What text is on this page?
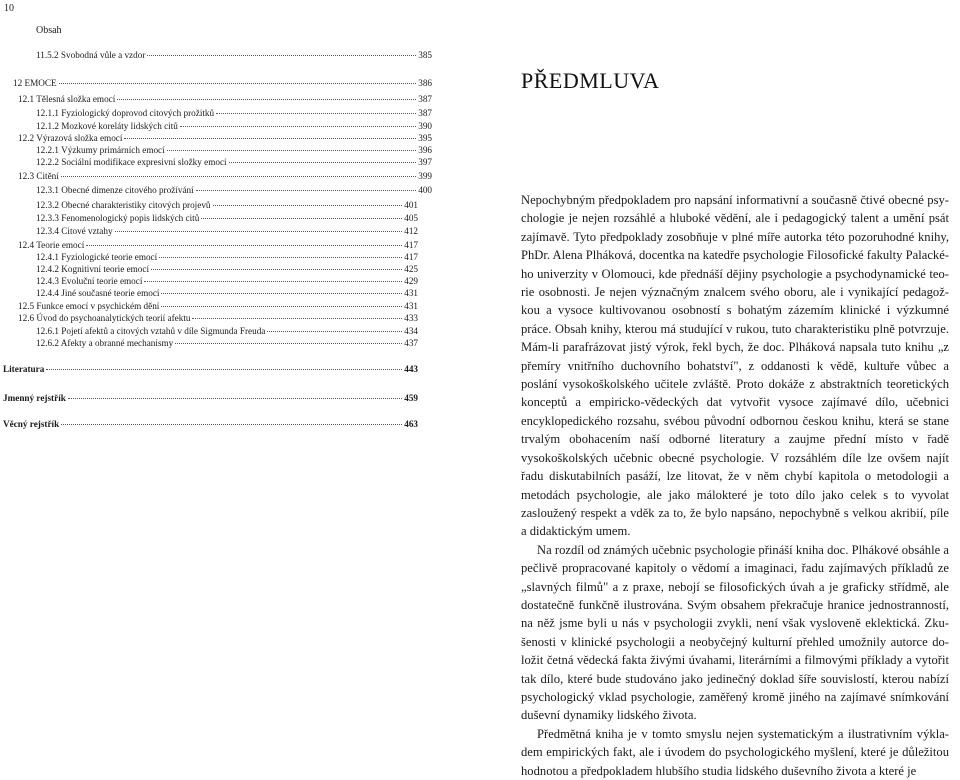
10
Obsah
11.5.2 Svobodná vůle a vzdor	385
12 EMOCE	386
12.1 Tělesná složka emocí	387
12.1.1 Fyziologický doprovod citových prožitků	387
12.1.2 Mozkové koreláty lidských citů	390
12.2 Výrazová složka emocí	395
12.2.1 Výzkumy primárních emocí	396
12.2.2 Sociální modifikace expresivní složky emocí	397
12.3 Citění	399
12.3.1 Obecné dimenze citového prožívání	400
12.3.2 Obecné charakteristiky citových projevů	401
12.3.3 Fenomenologický popis lidských citů	405
12.3.4 Citové vztahy	412
12.4 Teorie emocí	417
12.4.1 Fyziologické teorie emocí	417
12.4.2 Kognitivní teorie emocí	425
12.4.3 Evoluční teorie emocí	429
12.4.4 Jiné současné teorie emocí	431
12.5 Funkce emocí v psychickém dění	431
12.6 Úvod do psychoanalytických teorií afektu	433
12.6.1 Pojetí afektů a citových vztahů v díle Sigmunda Freuda	434
12.6.2 Afekty a obranné mechanismy	437
Literatura	443
Jmenný rejstřík	459
Věcný rejstřík	463
PŘEDMLUVA

Nepochybným předpokladem pro napsání informativní a současně čtivé obecné psychologie je nejen rozsáhlé a hluboké vědění, ale i pedagogický talent a umění psát zajímavě. Tyto předpoklady zosobňuje v plné míře autorka této pozoruhodné knihy, PhDr. Alena Plháková, docentka na katedře psychologie Filosofické fakulty Palackého univerzity v Olomouci, kde přednáší dějiny psychologie a psychodynamické teorie osobnosti. Je nejen význačným znalcem svého oboru, ale i vynikající pedagož-kou a vysoce kultivovanou osobností s bohatým zázemím klinické i výzkumné práce. Obsah knihy, kterou má studující v rukou, tuto charakteristiku plně potvrzuje. Mám-li parafrázovat jistý výrok, řekl bych, že doc. Plháková napsala tuto knihu „z přemíry vnitřního duchovního bohatství", z oddanosti k vědě, kultuře vůbec a poslání vysokoškolského učitele zvláště. Proto dokáže z abstraktních teoretických konceptů a empiricko-vědeckých dat vytvořit vysoce zajímavé dílo, učebnici encyklopedického rozsahu, svébou původní odbornou českou knihu, která se stane trvalým obohacením naší odborné literatury a zaujme přední místo v řadě vysokoškolských učebnic obecné psychologie. V rozsáhlém díle lze ovšem najít řadu diskutabilních pasáží, lze litovat, že v něm chybí kapitola o metodologii a metodách psychologie, ale jako málokteré je toto dílo jako celek s to vyvolat zasloužený respekt a vděk za to, že bylo napsáno, nepochybně s velkou akribií, píle a didaktickým umem.

Na rozdíl od známých učebnic psychologie přináší kniha doc. Plhákové obsáhle a pečlivě propracované kapitoly o vědomí a imaginaci, řadu zajímavých příkladů ze „slavných filmů" a z praxe, nebojí se filosofických úvah a je graficky střídmě, ale dostatečně funkčně ilustrována. Svým obsahem překračuje hranice jednostranností, na něž jsme byli u nás v psychologii zvykli, není však vysloveně eklektická. Zkušenosti v klinické psychologii a neobyčejný kulturní přehled umožnily autorce doložit četná vědecká fakta živými úvahami, literárními a filmovými příklady a vytořit tak dílo, které bude studováno jako jedinečný doklad šíře souvislostí, kterou nabízí psychologický vklad psychologie, zaměřený kromě jiného na zajímavé snímkování duševní dynamiky lidského života.

Předmětná kniha je v tomto smyslu nejen systematickým a ilustrativním výkladem empirických fakt, ale i úvodem do psychologického myšlení, které je důležitou hodnotou a předpokladem hlubšího studia lidského duševního života a které je
